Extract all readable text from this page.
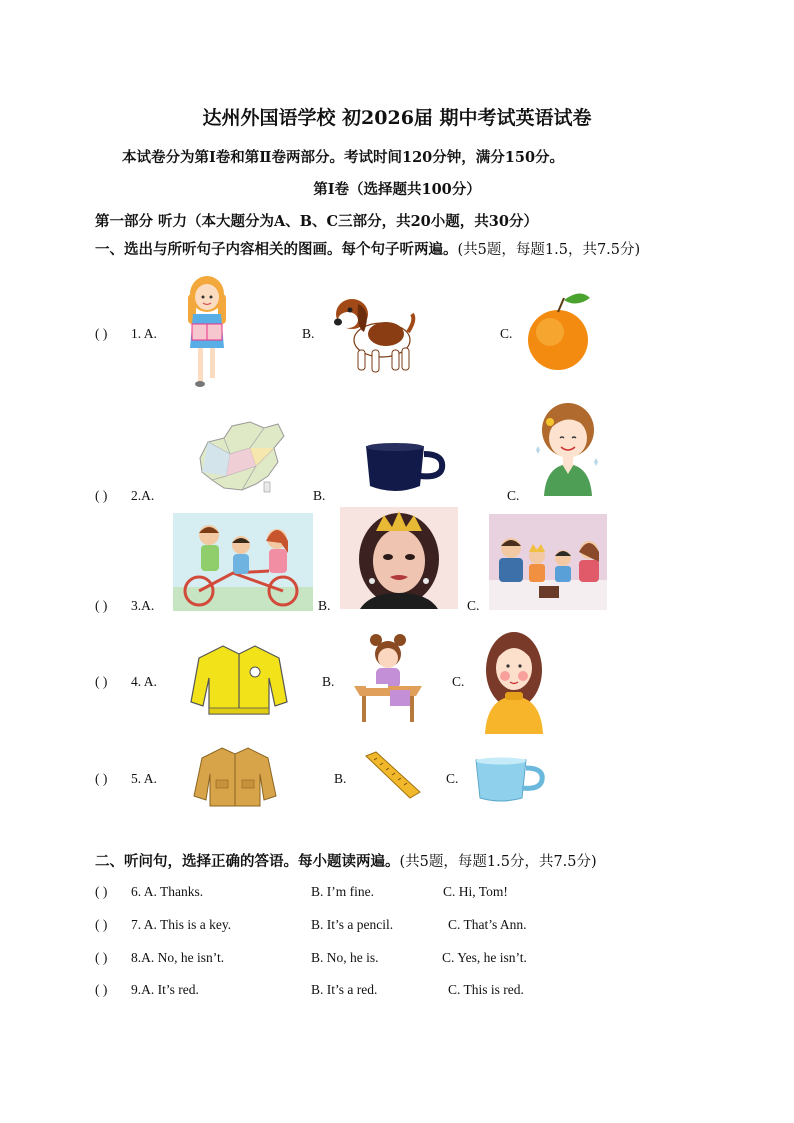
达州外国语学校 初2026届 期中考试英语试卷
本试卷分为第Ⅰ卷和第Ⅱ卷两部分。考试时间120分钟，满分150分。
第Ⅰ卷（选择题共100分）
第一部分 听力（本大题分为A、B、C三部分，共20小题，共30分）
一、选出与所听句子内容相关的图画。每个句子听两遍。(共5题，每题1.5，共7.5分)
( ) 1. A.	B.	C.
( ) 2.A.	B.	C.
( ) 3.A.	B.	C.
( ) 4. A.	B.	C.
( ) 5. A.	B.	C.
二、听问句，选择正确的答语。每小题读两遍。(共5题，每题1.5分，共7.5分)
( ) 6. A. Thanks.	B. I’m fine.	C. Hi, Tom!
( ) 7. A. This is a key.	B. It’s a pencil.	C. That’s Ann.
( ) 8.A. No, he isn’t.	B. No, he is.	C. Yes, he isn’t.
( ) 9.A. It’s red.	B. It’s a red.	C. This is red.
